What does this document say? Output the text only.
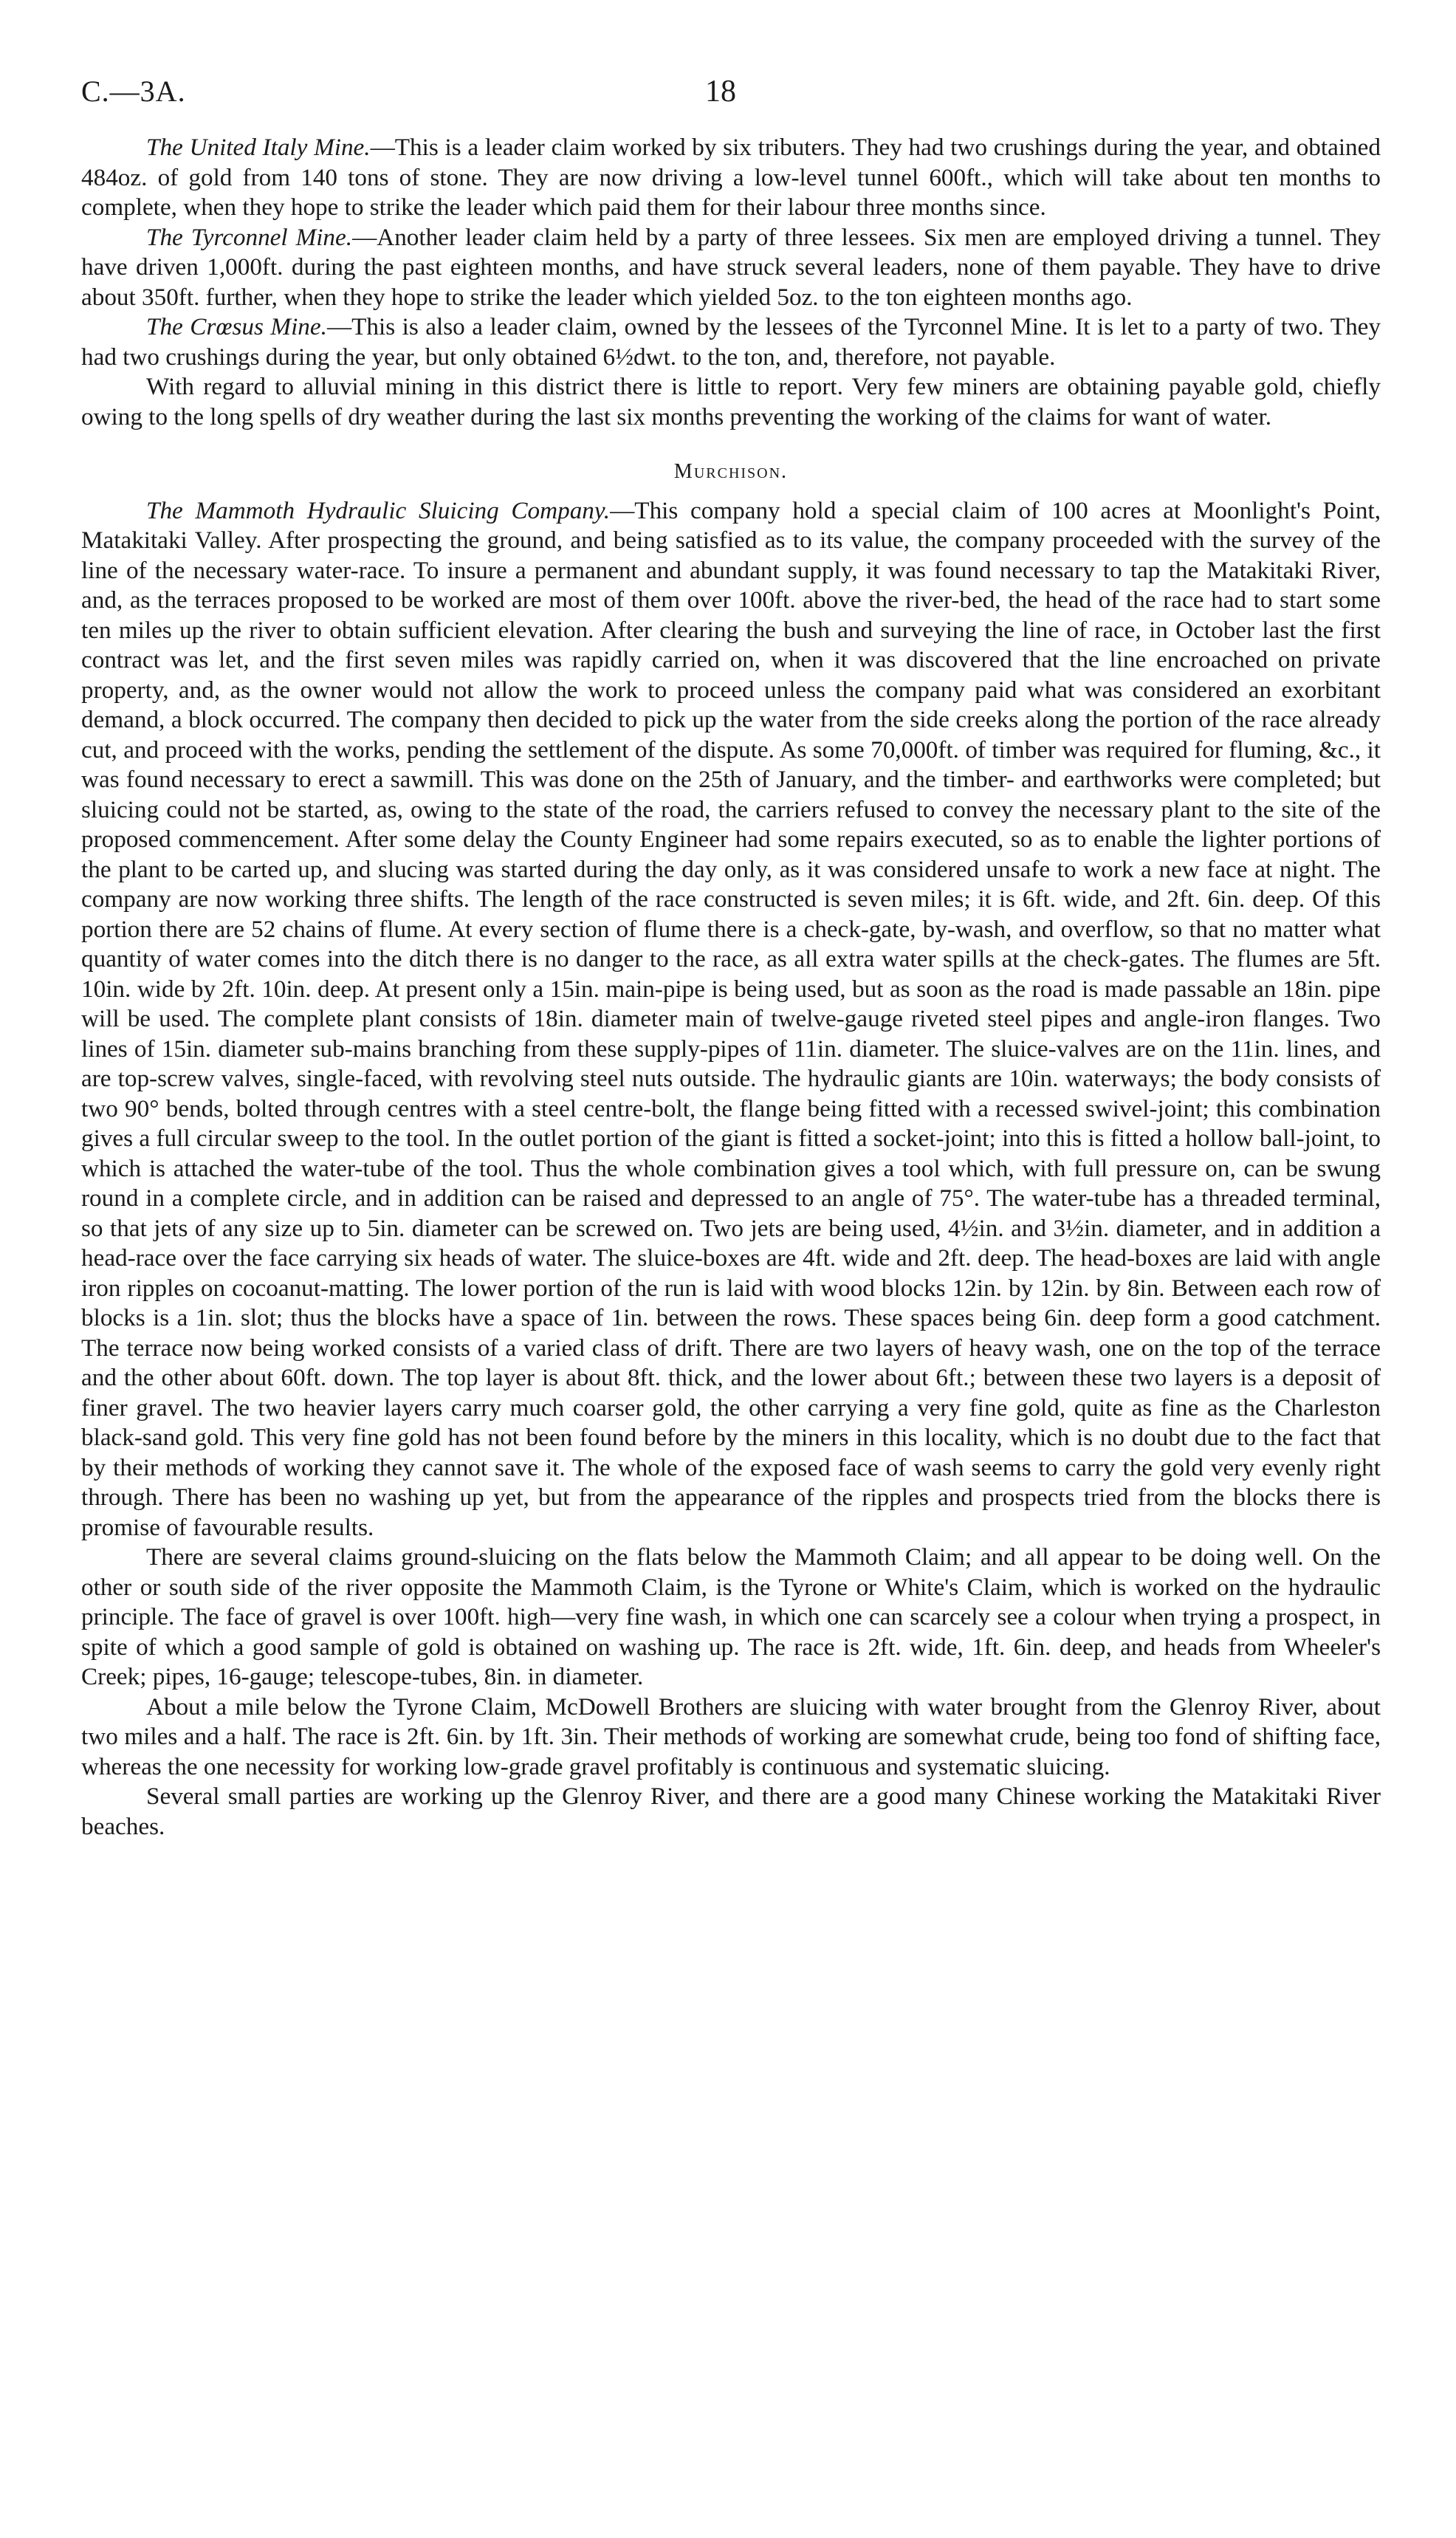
C.—3A.	18

The United Italy Mine.—This is a leader claim worked by six tributers. They had two crushings during the year, and obtained 484oz. of gold from 140 tons of stone. They are now driving a low-level tunnel 600ft., which will take about ten months to complete, when they hope to strike the leader which paid them for their labour three months since.

The Tyrconnel Mine.—Another leader claim held by a party of three lessees. Six men are employed driving a tunnel. They have driven 1,000ft. during the past eighteen months, and have struck several leaders, none of them payable. They have to drive about 350ft. further, when they hope to strike the leader which yielded 5oz. to the ton eighteen months ago.

The Crœsus Mine.—This is also a leader claim, owned by the lessees of the Tyrconnel Mine. It is let to a party of two. They had two crushings during the year, but only obtained 6½dwt. to the ton, and, therefore, not payable.

With regard to alluvial mining in this district there is little to report. Very few miners are obtaining payable gold, chiefly owing to the long spells of dry weather during the last six months preventing the working of the claims for want of water.

Murchison.

The Mammoth Hydraulic Sluicing Company.—This company hold a special claim of 100 acres at Moonlight's Point, Matakitaki Valley. After prospecting the ground, and being satisfied as to its value, the company proceeded with the survey of the line of the necessary water-race. To insure a permanent and abundant supply, it was found necessary to tap the Matakitaki River, and, as the terraces proposed to be worked are most of them over 100ft. above the river-bed, the head of the race had to start some ten miles up the river to obtain sufficient elevation. After clearing the bush and surveying the line of race, in October last the first contract was let, and the first seven miles was rapidly carried on, when it was discovered that the line encroached on private property, and, as the owner would not allow the work to proceed unless the company paid what was considered an exorbitant demand, a block occurred. The company then decided to pick up the water from the side creeks along the portion of the race already cut, and proceed with the works, pending the settlement of the dispute. As some 70,000ft. of timber was required for fluming, &c., it was found necessary to erect a sawmill. This was done on the 25th of January, and the timber- and earthworks were completed; but sluicing could not be started, as, owing to the state of the road, the carriers refused to convey the necessary plant to the site of the proposed commencement. After some delay the County Engineer had some repairs executed, so as to enable the lighter portions of the plant to be carted up, and slucing was started during the day only, as it was considered unsafe to work a new face at night. The company are now working three shifts. The length of the race constructed is seven miles; it is 6ft. wide, and 2ft. 6in. deep. Of this portion there are 52 chains of flume. At every section of flume there is a check-gate, by-wash, and overflow, so that no matter what quantity of water comes into the ditch there is no danger to the race, as all extra water spills at the check-gates. The flumes are 5ft. 10in. wide by 2ft. 10in. deep. At present only a 15in. main-pipe is being used, but as soon as the road is made passable an 18in. pipe will be used. The complete plant consists of 18in. diameter main of twelve-gauge riveted steel pipes and angle-iron flanges. Two lines of 15in. diameter sub-mains branching from these supply-pipes of 11in. diameter. The sluice-valves are on the 11in. lines, and are top-screw valves, single-faced, with revolving steel nuts outside. The hydraulic giants are 10in. waterways; the body consists of two 90° bends, bolted through centres with a steel centre-bolt, the flange being fitted with a recessed swivel-joint; this combination gives a full circular sweep to the tool. In the outlet portion of the giant is fitted a socket-joint; into this is fitted a hollow ball-joint, to which is attached the water-tube of the tool. Thus the whole combination gives a tool which, with full pressure on, can be swung round in a complete circle, and in addition can be raised and depressed to an angle of 75°. The water-tube has a threaded terminal, so that jets of any size up to 5in. diameter can be screwed on. Two jets are being used, 4½in. and 3½in. diameter, and in addition a head-race over the face carrying six heads of water. The sluice-boxes are 4ft. wide and 2ft. deep. The head-boxes are laid with angle iron ripples on cocoanut-matting. The lower portion of the run is laid with wood blocks 12in. by 12in. by 8in. Between each row of blocks is a 1in. slot; thus the blocks have a space of 1in. between the rows. These spaces being 6in. deep form a good catchment. The terrace now being worked consists of a varied class of drift. There are two layers of heavy wash, one on the top of the terrace and the other about 60ft. down. The top layer is about 8ft. thick, and the lower about 6ft.; between these two layers is a deposit of finer gravel. The two heavier layers carry much coarser gold, the other carrying a very fine gold, quite as fine as the Charleston black-sand gold. This very fine gold has not been found before by the miners in this locality, which is no doubt due to the fact that by their methods of working they cannot save it. The whole of the exposed face of wash seems to carry the gold very evenly right through. There has been no washing up yet, but from the appearance of the ripples and prospects tried from the blocks there is promise of favourable results.

There are several claims ground-sluicing on the flats below the Mammoth Claim; and all appear to be doing well. On the other or south side of the river opposite the Mammoth Claim, is the Tyrone or White's Claim, which is worked on the hydraulic principle. The face of gravel is over 100ft. high—very fine wash, in which one can scarcely see a colour when trying a prospect, in spite of which a good sample of gold is obtained on washing up. The race is 2ft. wide, 1ft. 6in. deep, and heads from Wheeler's Creek; pipes, 16-gauge; telescope-tubes, 8in. in diameter.

About a mile below the Tyrone Claim, McDowell Brothers are sluicing with water brought from the Glenroy River, about two miles and a half. The race is 2ft. 6in. by 1ft. 3in. Their methods of working are somewhat crude, being too fond of shifting face, whereas the one necessity for working low-grade gravel profitably is continuous and systematic sluicing.

Several small parties are working up the Glenroy River, and there are a good many Chinese working the Matakitaki River beaches.
